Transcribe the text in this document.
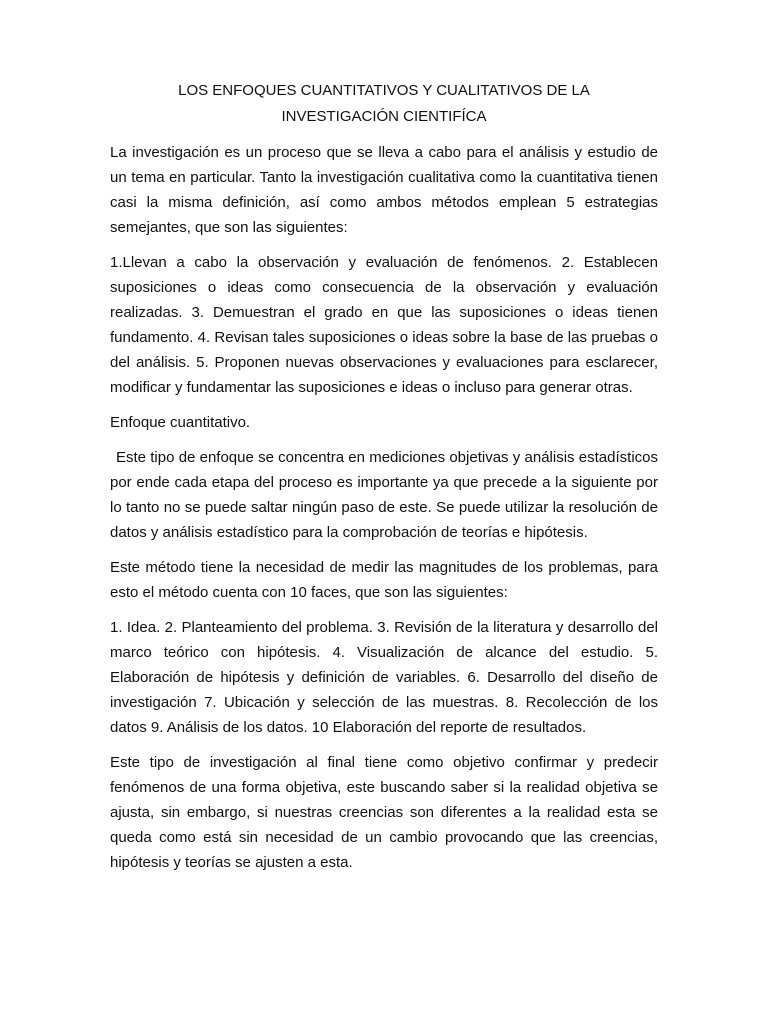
LOS ENFOQUES CUANTITATIVOS Y CUALITATIVOS DE LA
INVESTIGACIÓN CIENTIFÍCA

La investigación es un proceso que se lleva a cabo para el análisis y estudio de un tema en particular. Tanto la investigación cualitativa como la cuantitativa tienen casi la misma definición, así como ambos métodos emplean 5 estrategias semejantes, que son las siguientes:

1.Llevan a cabo la observación y evaluación de fenómenos. 2. Establecen suposiciones o ideas como consecuencia de la observación y evaluación realizadas. 3. Demuestran el grado en que las suposiciones o ideas tienen fundamento. 4. Revisan tales suposiciones o ideas sobre la base de las pruebas o del análisis. 5. Proponen nuevas observaciones y evaluaciones para esclarecer, modificar y fundamentar las suposiciones e ideas o incluso para generar otras.

Enfoque cuantitativo.

Este tipo de enfoque se concentra en mediciones objetivas y análisis estadísticos por ende cada etapa del proceso es importante ya que precede a la siguiente por lo tanto no se puede saltar ningún paso de este. Se puede utilizar la resolución de datos y análisis estadístico para la comprobación de teorías e hipótesis.

Este método tiene la necesidad de medir las magnitudes de los problemas, para esto el método cuenta con 10 faces, que son las siguientes:

1. Idea. 2. Planteamiento del problema. 3. Revisión de la literatura y desarrollo del marco teórico con hipótesis. 4. Visualización de alcance del estudio. 5. Elaboración de hipótesis y definición de variables. 6. Desarrollo del diseño de investigación 7. Ubicación y selección de las muestras. 8. Recolección de los datos 9. Análisis de los datos. 10 Elaboración del reporte de resultados.

Este tipo de investigación al final tiene como objetivo confirmar y predecir fenómenos de una forma objetiva, este buscando saber si la realidad objetiva se ajusta, sin embargo, si nuestras creencias son diferentes a la realidad esta se queda como está sin necesidad de un cambio provocando que las creencias, hipótesis y teorías se ajusten a esta.
